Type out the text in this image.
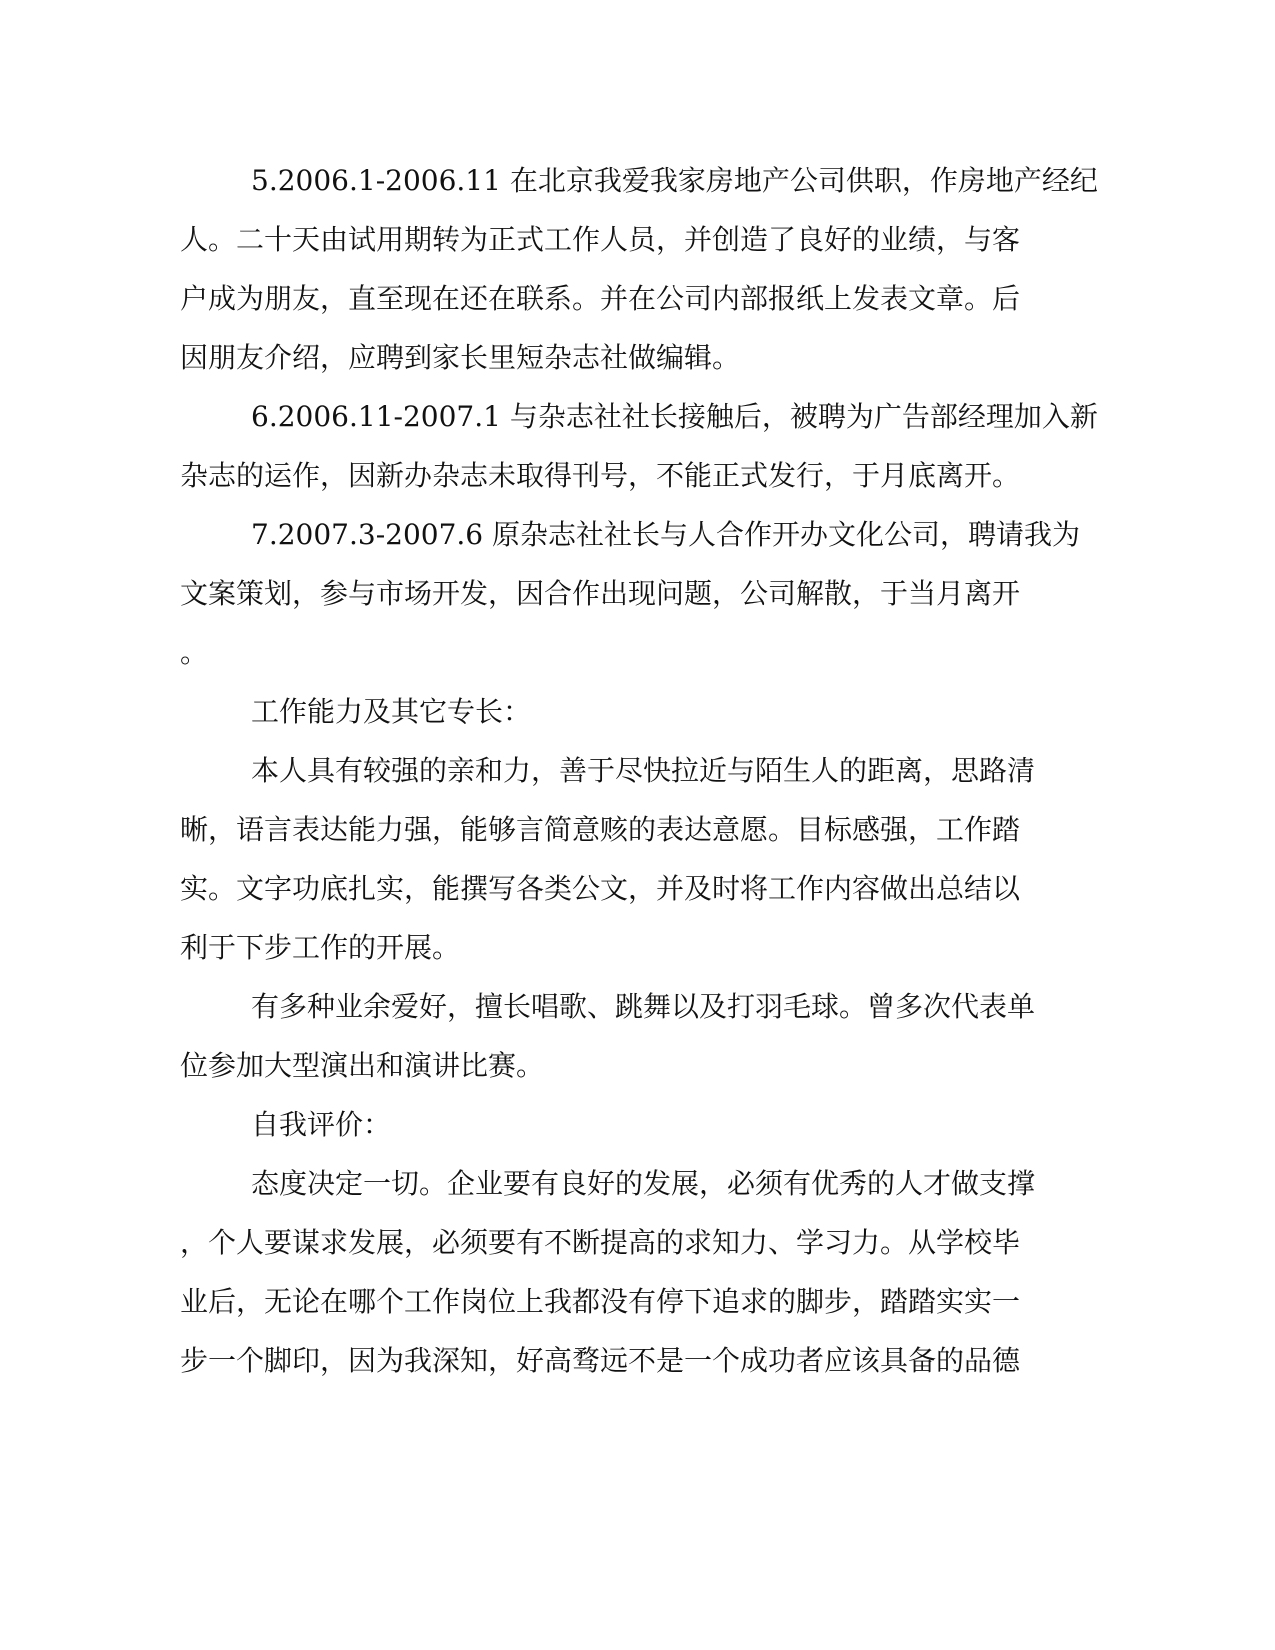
5.2006.1-2006.11 在北京我爱我家房地产公司供职，作房地产经纪
人。二十天由试用期转为正式工作人员，并创造了良好的业绩，与客
户成为朋友，直至现在还在联系。并在公司内部报纸上发表文章。后
因朋友介绍，应聘到家长里短杂志社做编辑。
6.2006.11-2007.1 与杂志社社长接触后，被聘为广告部经理加入新
杂志的运作，因新办杂志未取得刊号，不能正式发行，于月底离开。
7.2007.3-2007.6 原杂志社社长与人合作开办文化公司，聘请我为
文案策划，参与市场开发，因合作出现问题，公司解散，于当月离开
。
工作能力及其它专长：
本人具有较强的亲和力，善于尽快拉近与陌生人的距离，思路清
晰，语言表达能力强，能够言简意赅的表达意愿。目标感强，工作踏
实。文字功底扎实，能撰写各类公文，并及时将工作内容做出总结以
利于下步工作的开展。
有多种业余爱好，擅长唱歌、跳舞以及打羽毛球。曾多次代表单
位参加大型演出和演讲比赛。
自我评价：
态度决定一切。企业要有良好的发展，必须有优秀的人才做支撑
，个人要谋求发展，必须要有不断提高的求知力、学习力。从学校毕
业后，无论在哪个工作岗位上我都没有停下追求的脚步，踏踏实实一
步一个脚印，因为我深知，好高骛远不是一个成功者应该具备的品德
